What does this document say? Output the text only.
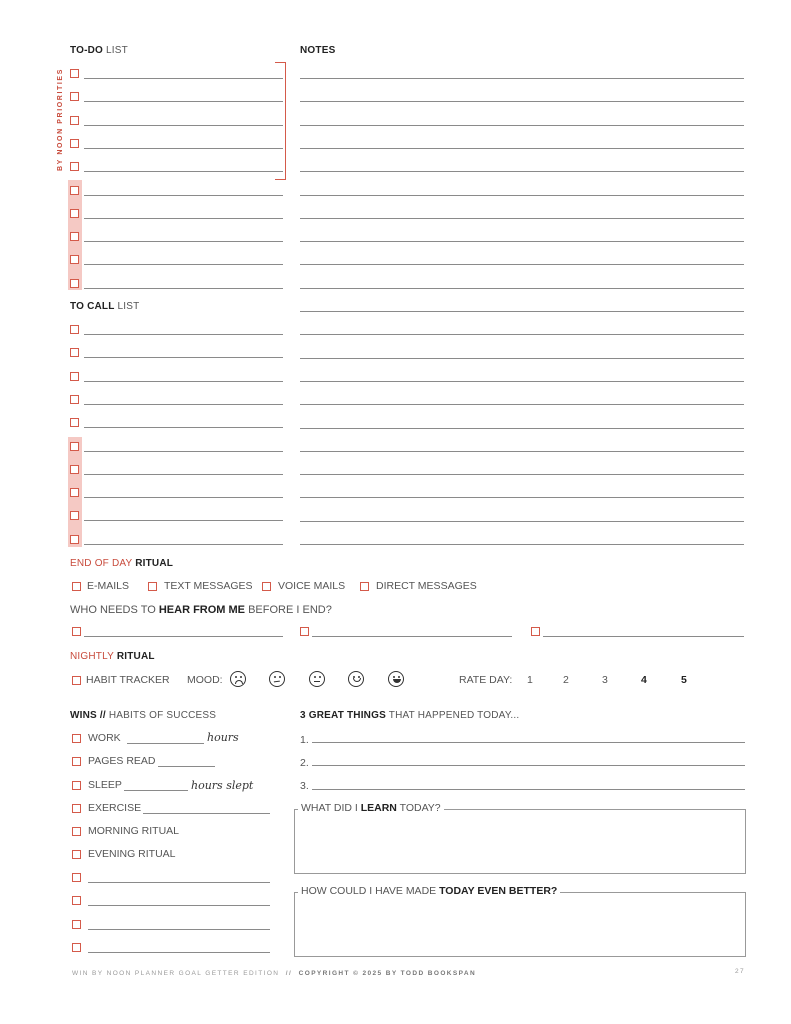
TO-DO LIST
BY NOON PRIORITIES
NOTES
TO CALL LIST
END OF DAY RITUAL
E-MAILS	TEXT MESSAGES VOICE MAILS	DIRECT MESSAGES
WHO NEEDS TO HEAR FROM ME BEFORE I END?
NIGHTLY RITUAL
HABIT TRACKER MOOD:	RATE DAY: 1	2	3	4	5
WINS // HABITS OF SUCCESS
WORK	hours
PAGES READ
SLEEP	hours slept
EXERCISE
MORNING RITUAL
EVENING RITUAL
3 GREAT THINGS THAT HAPPENED TODAY...
1.
2.
3.
WHAT DID I LEARN TODAY?
HOW COULD I HAVE MADE TODAY EVEN BETTER?
WIN BY NOON PLANNER GOAL GETTER EDITION // COPYRIGHT © 2025 BY TODD BOOKSPAN	27
